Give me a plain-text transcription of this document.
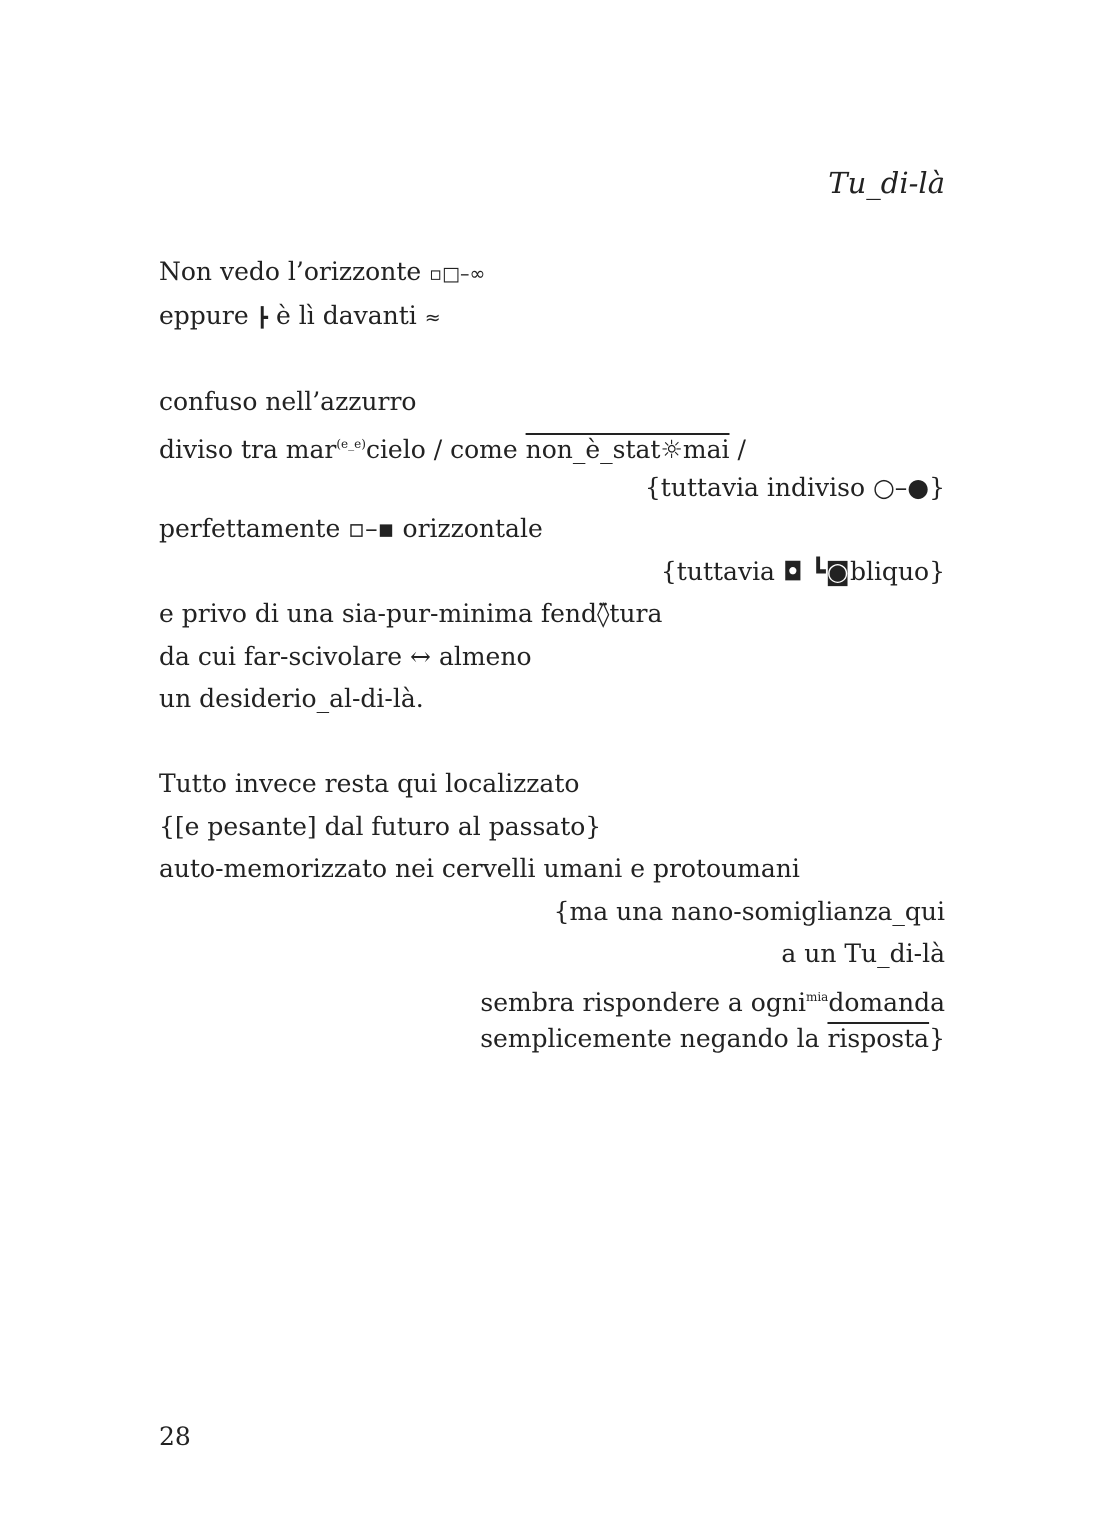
Tu_di-là
Non vedo l’orizzonte ▫□–∞
eppure ┣ è lì davanti ≈
confuso nell’azzurro
diviso tra mar$^{(e\_e)}$cielo / come non_è_stat☼mai /
{tuttavia indiviso ○–●}
perfettamente ▫–▪ orizzontale
{tuttavia ◘ ┗◙bliquo}
e privo di una sia-pur-minima fend◊̈tura
da cui far-scivolare ↔ almeno
un desiderio_al-di-là.
Tutto invece resta qui localizzato
{[e pesante] dal futuro al passato}
auto-memorizzato nei cervelli umani e protoumani
{ma una nano-somiglianza_qui
a un Tu_di-là
sembra rispondere a ogni$^{mia}$domanda
semplicemente negando la risposta}
28
